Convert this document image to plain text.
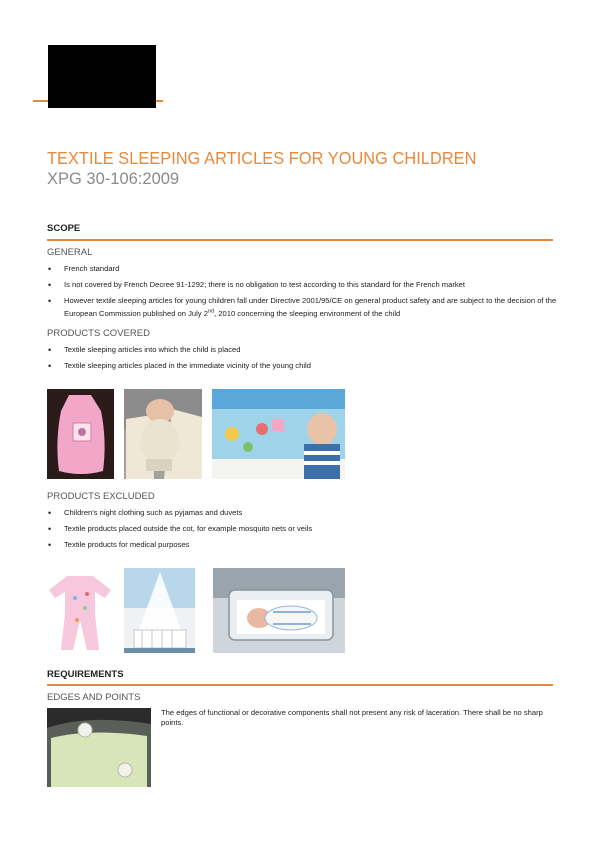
TEXTILE SLEEPING ARTICLES FOR YOUNG CHILDREN
XPG 30-106:2009
SCOPE
GENERAL
• French standard
• Is not covered by French Decree 91-1292; there is no obligation to test according to this standard for the French market
• However textile sleeping articles for young children fall under Directive 2001/95/CE on general product safety and are subject to the decision of the European Commission published on July 2nd, 2010 concerning the sleeping environment of the child
PRODUCTS COVERED
• Textile sleeping articles into which the child is placed
• Textile sleeping articles placed in the immediate vicinity of the young child
PRODUCTS EXCLUDED
• Children's night clothing such as pyjamas and duvets
• Textile products placed outside the cot, for example mosquito nets or veils
• Textile products for medical purposes
REQUIREMENTS
EDGES AND POINTS
The edges of functional or decorative components shall not present any risk of laceration. There shall be no sharp points.
